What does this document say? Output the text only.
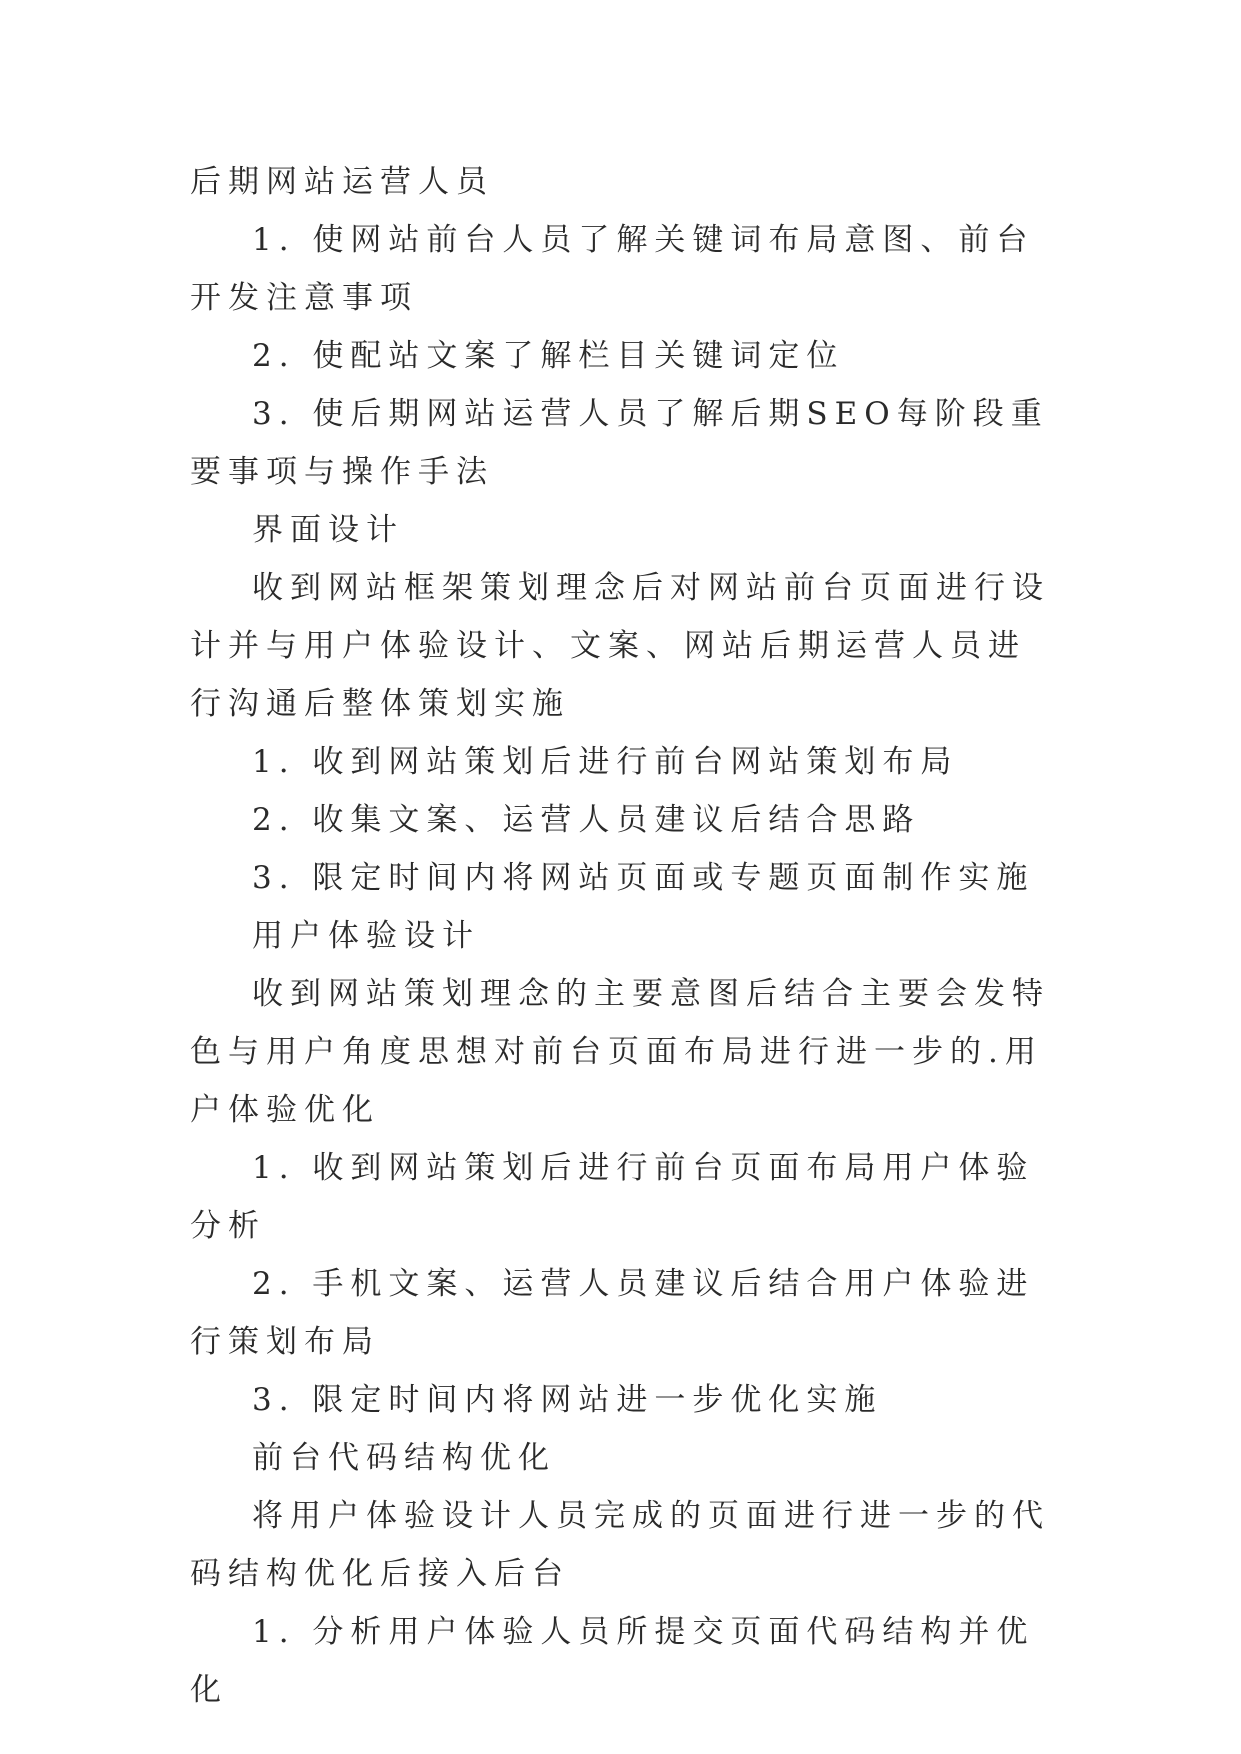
后期网站运营人员

1. 使网站前台人员了解关键词布局意图、前台开发注意事项

2. 使配站文案了解栏目关键词定位

3. 使后期网站运营人员了解后期SEO每阶段重要事项与操作手法

界面设计

收到网站框架策划理念后对网站前台页面进行设计并与用户体验设计、文案、网站后期运营人员进行沟通后整体策划实施

1. 收到网站策划后进行前台网站策划布局

2. 收集文案、运营人员建议后结合思路

3. 限定时间内将网站页面或专题页面制作实施

用户体验设计

收到网站策划理念的主要意图后结合主要会发特色与用户角度思想对前台页面布局进行进一步的.用户体验优化

1. 收到网站策划后进行前台页面布局用户体验分析

2. 手机文案、运营人员建议后结合用户体验进行策划布局

3. 限定时间内将网站进一步优化实施

前台代码结构优化

将用户体验设计人员完成的页面进行进一步的代码结构优化后接入后台

1. 分析用户体验人员所提交页面代码结构并优化
